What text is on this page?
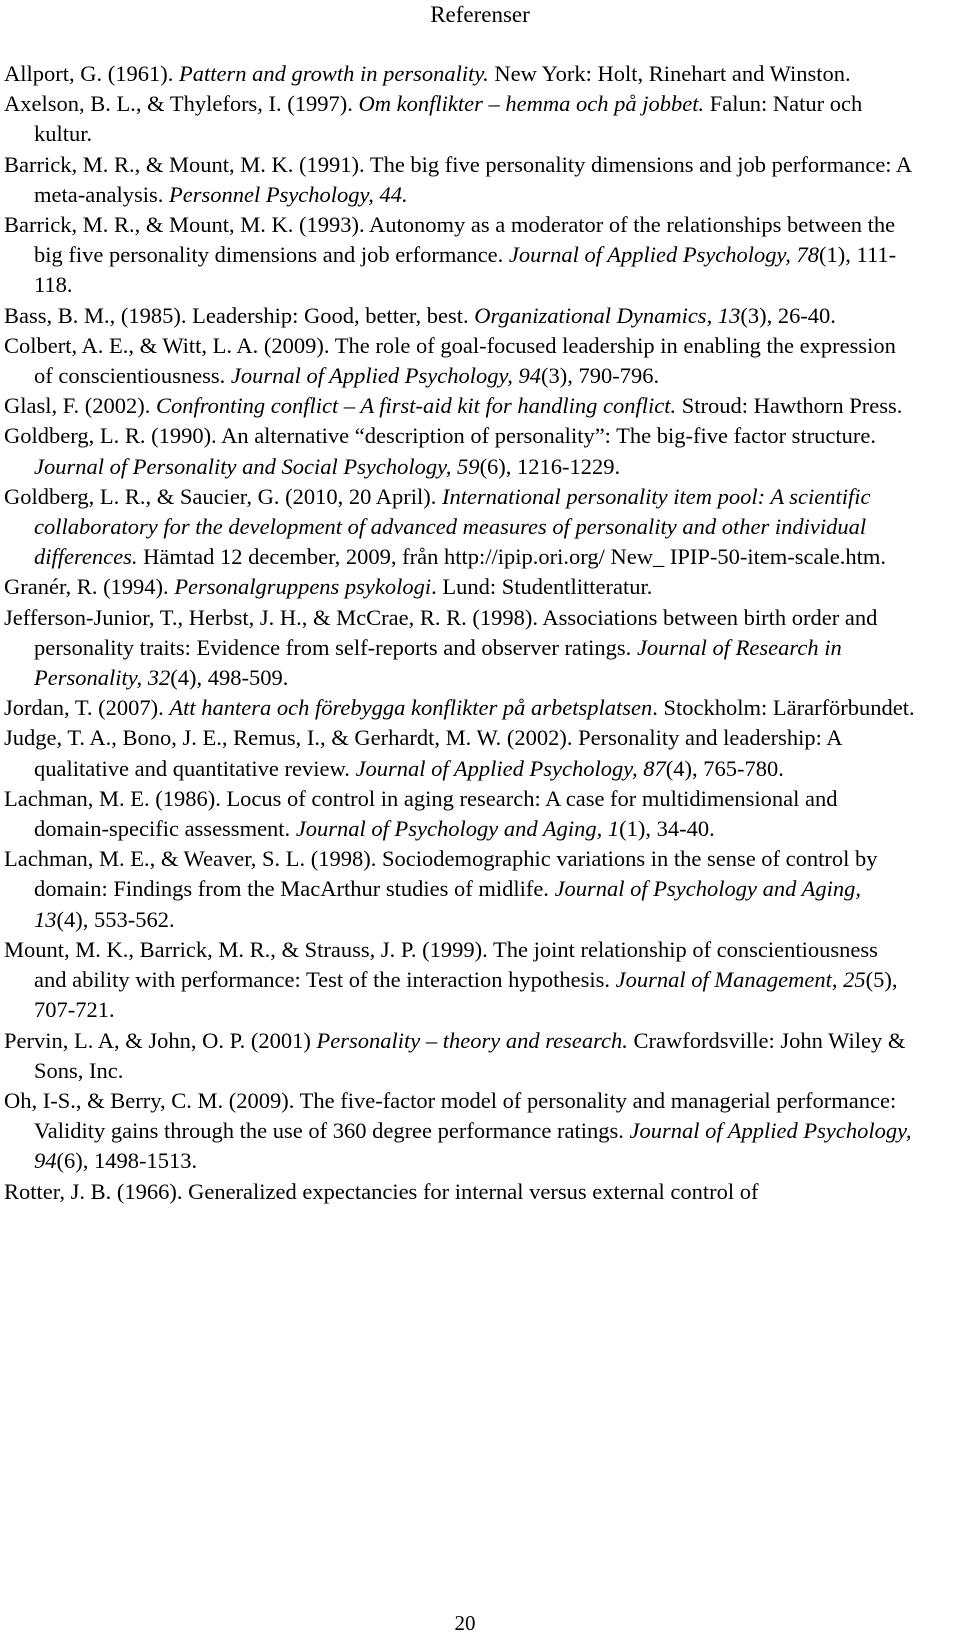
Referenser

Allport, G. (1961). Pattern and growth in personality. New York: Holt, Rinehart and Winston.

Axelson, B. L., & Thylefors, I. (1997). Om konflikter – hemma och på jobbet. Falun: Natur och kultur.

Barrick, M. R., & Mount, M. K. (1991). The big five personality dimensions and job performance: A meta-analysis. Personnel Psychology, 44.

Barrick, M. R., & Mount, M. K. (1993). Autonomy as a moderator of the relationships between the big five personality dimensions and job erformance. Journal of Applied Psychology, 78(1), 111-118.

Bass, B. M., (1985). Leadership: Good, better, best. Organizational Dynamics, 13(3), 26-40.

Colbert, A. E., & Witt, L. A. (2009). The role of goal-focused leadership in enabling the expression of conscientiousness. Journal of Applied Psychology, 94(3), 790-796.

Glasl, F. (2002). Confronting conflict – A first-aid kit for handling conflict. Stroud: Hawthorn Press.

Goldberg, L. R. (1990). An alternative “description of personality”: The big-five factor structure. Journal of Personality and Social Psychology, 59(6), 1216-1229.

Goldberg, L. R., & Saucier, G. (2010, 20 April). International personality item pool: A scientific collaboratory for the development of advanced measures of personality and other individual differences. Hämtad 12 december, 2009, från http://ipip.ori.org/ New_ IPIP-50-item-scale.htm.

Granér, R. (1994). Personalgruppens psykologi. Lund: Studentlitteratur.

Jefferson-Junior, T., Herbst, J. H., & McCrae, R. R. (1998). Associations between birth order and personality traits: Evidence from self-reports and observer ratings. Journal of Research in Personality, 32(4), 498-509.

Jordan, T. (2007). Att hantera och förebygga konflikter på arbetsplatsen. Stockholm: Lärarförbundet.

Judge, T. A., Bono, J. E., Remus, I., & Gerhardt, M. W. (2002). Personality and leadership: A qualitative and quantitative review. Journal of Applied Psychology, 87(4), 765-780.

Lachman, M. E. (1986). Locus of control in aging research: A case for multidimensional and domain-specific assessment. Journal of Psychology and Aging, 1(1), 34-40.

Lachman, M. E., & Weaver, S. L. (1998). Sociodemographic variations in the sense of control by domain: Findings from the MacArthur studies of midlife. Journal of Psychology and Aging, 13(4), 553-562.

Mount, M. K., Barrick, M. R., & Strauss, J. P. (1999). The joint relationship of conscientiousness and ability with performance: Test of the interaction hypothesis. Journal of Management, 25(5), 707-721.

Pervin, L. A, & John, O. P. (2001) Personality – theory and research. Crawfordsville: John Wiley & Sons, Inc.

Oh, I-S., & Berry, C. M. (2009). The five-factor model of personality and managerial performance: Validity gains through the use of 360 degree performance ratings. Journal of Applied Psychology, 94(6), 1498-1513.

Rotter, J. B. (1966). Generalized expectancies for internal versus external control of

20
